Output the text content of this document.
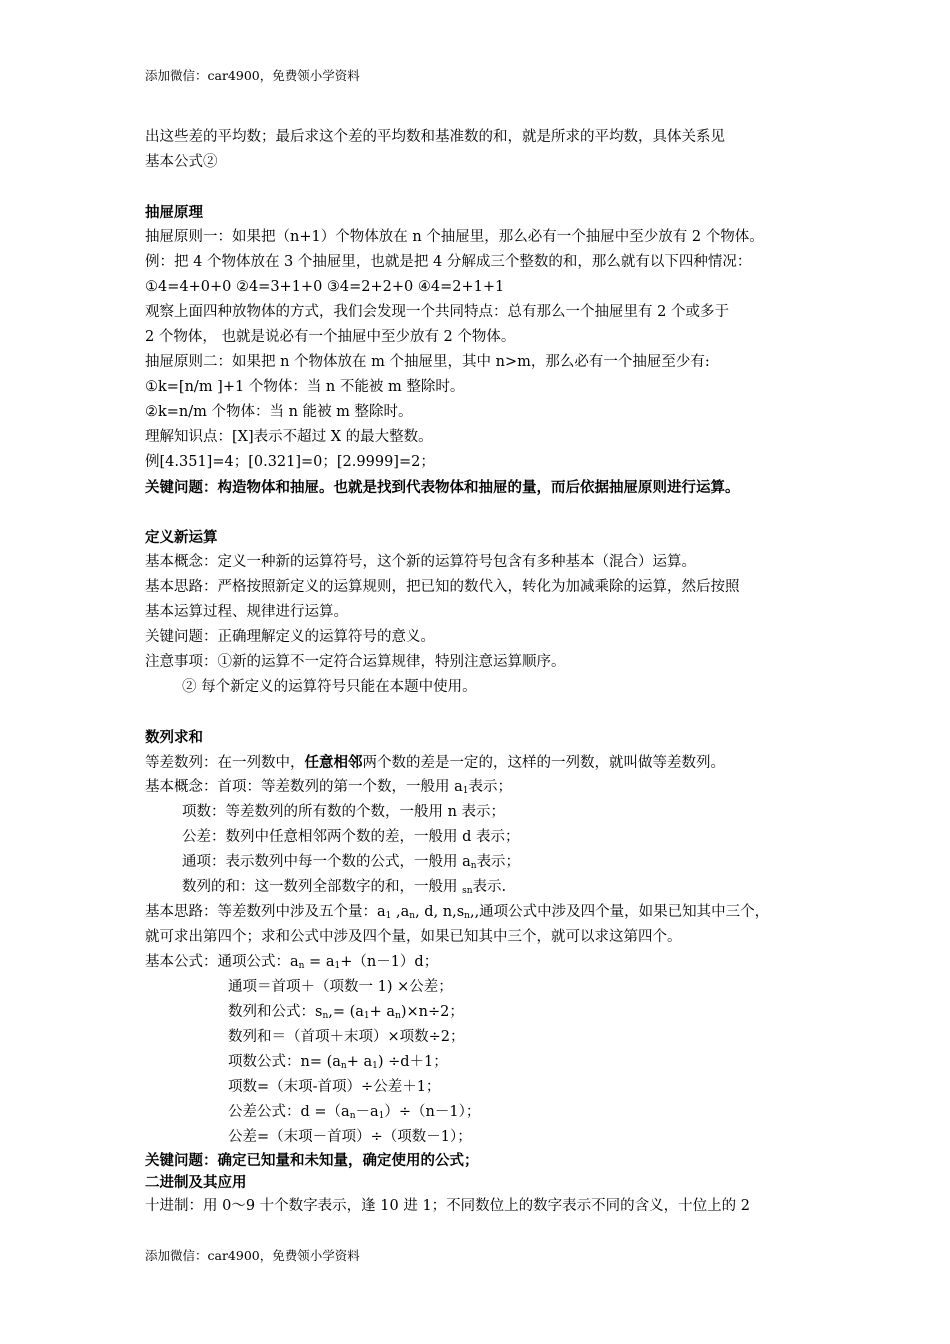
添加微信：car4900，免费领小学资料
出这些差的平均数；最后求这个差的平均数和基准数的和，就是所求的平均数，具体关系见
基本公式②
抽屉原理
抽屉原则一：如果把（n+1）个物体放在 n 个抽屉里，那么必有一个抽屉中至少放有 2 个物体。
例：把 4 个物体放在 3 个抽屉里，也就是把 4 分解成三个整数的和，那么就有以下四种情况：
①4=4+0+0 ②4=3+1+0 ③4=2+2+0 ④4=2+1+1
观察上面四种放物体的方式，我们会发现一个共同特点：总有那么一个抽屉里有 2 个或多于
2 个物体， 也就是说必有一个抽屉中至少放有 2 个物体。
抽屉原则二：如果把 n 个物体放在 m 个抽屉里，其中 n>m，那么必有一个抽屉至少有:
①k=[n/m ]+1 个物体：当 n 不能被 m 整除时。
②k=n/m 个物体：当 n 能被 m 整除时。
理解知识点：[X]表示不超过 X 的最大整数。
例[4.351]=4；[0.321]=0；[2.9999]=2；
关键问题：构造物体和抽屉。也就是找到代表物体和抽屉的量，而后依据抽屉原则进行运算。
定义新运算
基本概念：定义一种新的运算符号，这个新的运算符号包含有多种基本（混合）运算。
基本思路：严格按照新定义的运算规则，把已知的数代入，转化为加减乘除的运算，然后按照
基本运算过程、规律进行运算。
关键问题：正确理解定义的运算符号的意义。
注意事项：①新的运算不一定符合运算规律，特别注意运算顺序。
② 每个新定义的运算符号只能在本题中使用。
数列求和
等差数列：在一列数中，任意相邻两个数的差是一定的，这样的一列数，就叫做等差数列。
基本概念：首项：等差数列的第一个数，一般用 $a_1$表示；
项数：等差数列的所有数的个数，一般用 n 表示；
公差：数列中任意相邻两个数的差，一般用 d 表示；
通项：表示数列中每一个数的公式，一般用 $a_n$表示；
数列的和：这一数列全部数字的和，一般用 $_{sn}$表示.
基本思路：等差数列中涉及五个量：$a_1$ $,a_n$, d, $n,s_n$,,通项公式中涉及四个量，如果已知其中三个，
就可求出第四个；求和公式中涉及四个量，如果已知其中三个，就可以求这第四个。
基本公式：通项公式：$a_n = a_1+(n-1)d$；
通项＝首项＋（项数一 1) ×公差；
数列和公式：$s_n,= (a_1+ a_n)\times n\div 2$；
数列和＝（首项＋末项）×项数÷2；
项数公式：$n= (a_n+ a_1) \div d+1$；
项数=（末项-首项）÷公差＋1；
公差公式：$d =(a_n-a_1)\div(n-1)$；
公差=（末项－首项）÷（项数－1）；
关键问题：确定已知量和未知量，确定使用的公式；
二进制及其应用
十进制：用 0～9 十个数字表示，逢 10 进 1；不同数位上的数字表示不同的含义，十位上的 2
添加微信：car4900，免费领小学资料
